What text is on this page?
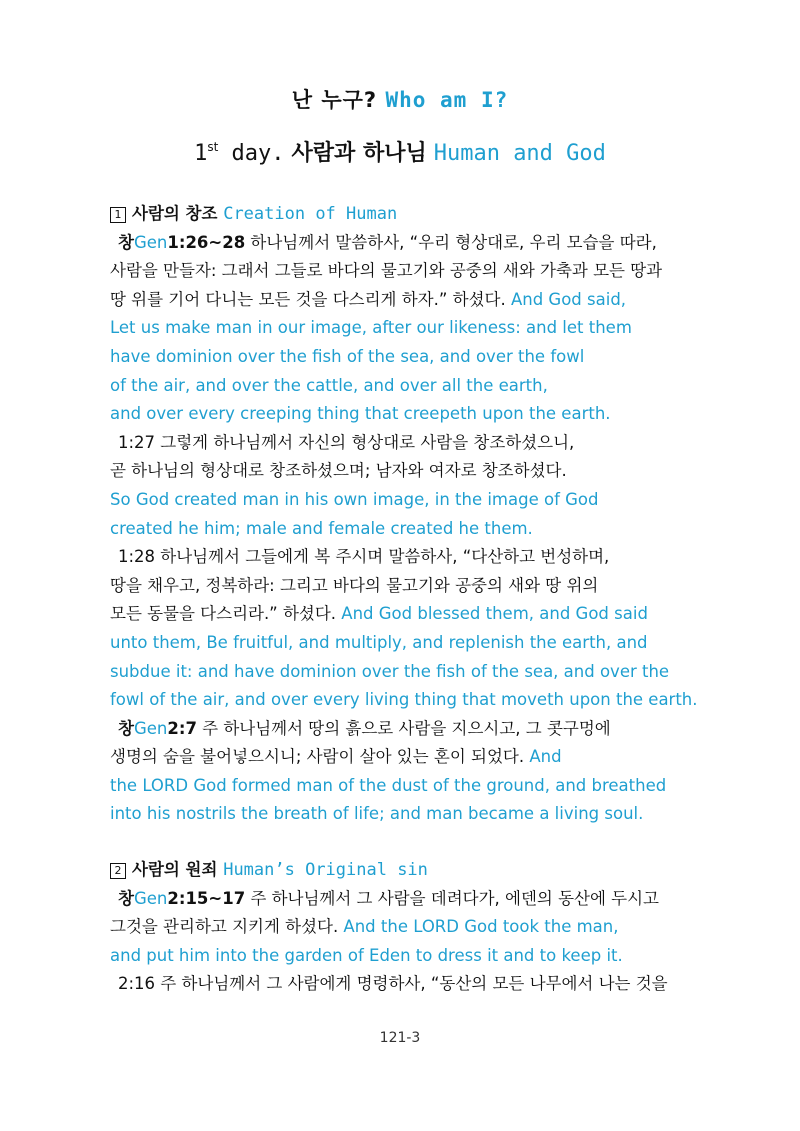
난 누구? Who am I?
1st day. 사람과 하나님 Human and God
1 사람의 창조 Creation of Human
창Gen1:26~28 하나님께서 말씀하사, “우리 형상대로, 우리 모습을 따라,
사람을 만들자: 그래서 그들로 바다의 물고기와 공중의 새와 가축과 모든 땅과
땅 위를 기어 다니는 모든 것을 다스리게 하자.” 하셨다. And God said,
Let us make man in our image, after our likeness: and let them
have dominion over the fish of the sea, and over the fowl
of the air, and over the cattle, and over all the earth,
and over every creeping thing that creepeth upon the earth.
1:27 그렇게 하나님께서 자신의 형상대로 사람을 창조하셨으니,
곧 하나님의 형상대로 창조하셨으며; 남자와 여자로 창조하셨다.
So God created man in his own image, in the image of God
created he him; male and female created he them.
1:28 하나님께서 그들에게 복 주시며 말씀하사, “다산하고 번성하며,
땅을 채우고, 정복하라: 그리고 바다의 물고기와 공중의 새와 땅 위의
모든 동물을 다스리라.” 하셨다. And God blessed them, and God said
unto them, Be fruitful, and multiply, and replenish the earth, and
subdue it: and have dominion over the fish of the sea, and over the
fowl of the air, and over every living thing that moveth upon the earth.
창Gen2:7 주 하나님께서 땅의 흙으로 사람을 지으시고, 그 콧구멍에
생명의 숨을 불어넣으시니; 사람이 살아 있는 혼이 되었다. And
the LORD God formed man of the dust of the ground, and breathed
into his nostrils the breath of life; and man became a living soul.
2 사람의 원죄 Human’s Original sin
창Gen2:15~17 주 하나님께서 그 사람을 데려다가, 에덴의 동산에 두시고
그것을 관리하고 지키게 하셨다. And the LORD God took the man,
and put him into the garden of Eden to dress it and to keep it.
2:16 주 하나님께서 그 사람에게 명령하사, “동산의 모든 나무에서 나는 것을
121-3
